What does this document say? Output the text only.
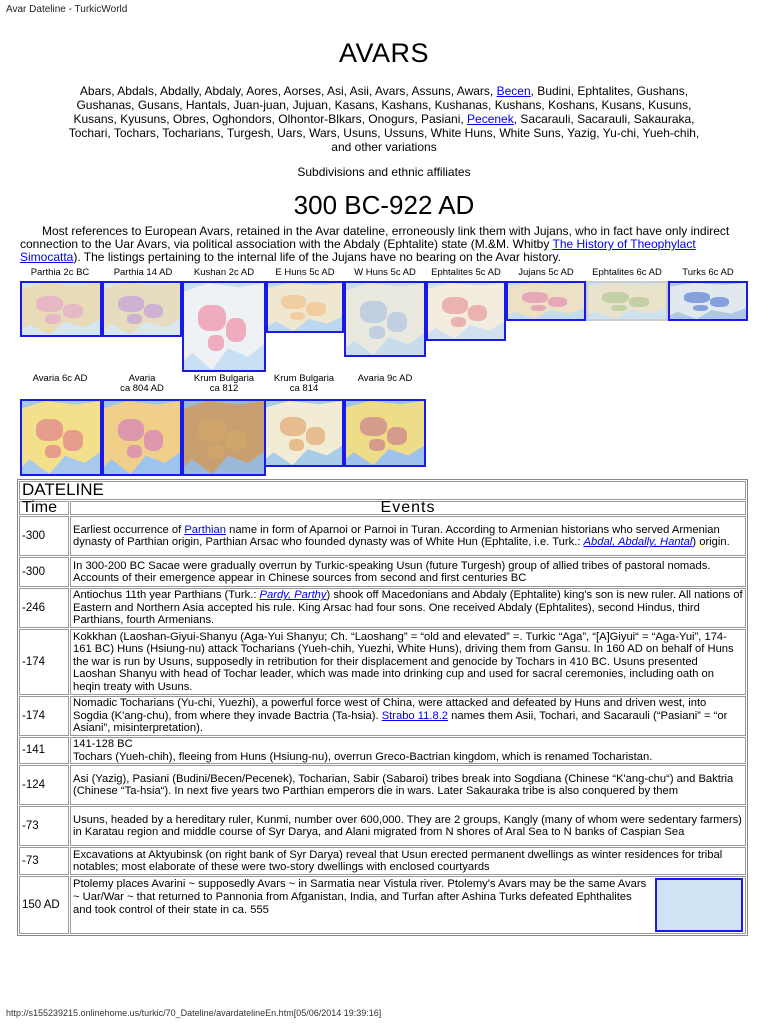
Avar Dateline - TurkicWorld
AVARS
Abars, Abdals, Abdally, Abdaly, Aores, Aorses, Asi, Asii, Avars, Assuns, Awars, Becen, Budini, Ephtalites, Gushans, Gushanas, Gusans, Hantals, Juan-juan, Jujuan, Kasans, Kashans, Kushanas, Kushans, Koshans, Kusans, Kusuns, Kusans, Kyusuns, Obres, Oghondors, Olhontor-Blkars, Onogurs, Pasiani, Pecenek, Sacarauli, Sacarauli, Sakauraka, Tochari, Tochars, Tocharians, Turgesh, Uars, Wars, Usuns, Ussuns, White Huns, White Suns, Yazig, Yu-chi, Yueh-chih, and other variations
Subdivisions and ethnic affiliates
300 BC-922 AD
Most references to European Avars, retained in the Avar dateline, erroneously link them with Jujans, who in fact have only indirect connection to the Uar Avars, via political association with the Abdaly (Ephtalite) state (M.&M. Whitby The History of Theophylact Simocatta). The listings pertaining to the internal life of the Jujans have no bearing on the Avar history.
Parthia 2c BC	Parthia 14 AD	Kushan 2c AD	E Huns 5c AD	W Huns 5c AD	Ephtalites 5c AD	Jujans 5c AD	Ephtalites 6c AD	Turks 6c AD
Avaria 6c AD	Avaria
ca 804 AD
Krum Bulgaria
ca 812
Krum Bulgaria
ca 814
Avaria 9c AD
DATELINE	
Time	Events
-300	Earliest occurrence of Parthian name in form of Aparnoi or Parnoi in Turan. According to Armenian historians who served Armenian dynasty of Parthian origin, Parthian Arsac who founded dynasty was of White Hun (Ephtalite, i.e. Turk.: Abdal, Abdally, Hantal) origin.
-300	In 300-200 BC Sacae were gradually overrun by Turkic-speaking Usun (future Turgesh) group of allied tribes of pastoral nomads. Accounts of their emergence appear in Chinese sources from second and first centuries BC
-246	Antiochus 11th year Parthians (Turk.: Pardy, Parthy) shook off Macedonians and Abdaly (Ephtalite) king's son is new ruler. All nations of Eastern and Northern Asia accepted his rule. King Arsac had four sons. One received Abdaly (Ephtalites), second Hindus, third Parthians, fourth Armenians.
-174	Kokkhan (Laoshan-Giyui-Shanyu (Aga-Yui Shanyu; Ch. “Laoshang” = “old and elevated” =. Turkic “Aga”, “[A]Giyui“ = “Aga-Yui”, 174-161 BC) Huns (Hsiung-nu) attack Tocharians (Yueh-chih, Yuezhi, White Huns), driving them from Gansu. In 160 AD on behalf of Huns the war is run by Usuns, supposedly in retribution for their displacement and genocide by Tochars in 410 BC. Usuns presented Laoshan Shanyu with head of Tochar leader, which was made into drinking cup and used for sacral ceremonies, including oath on heqin treaty with Usuns.
-174	Nomadic Tocharians (Yu-chi, Yuezhi), a powerful force west of China, were attacked and defeated by Huns and driven west, into Sogdia (K'ang-chu), from where they invade Bactria (Ta-hsia). Strabo 11.8.2 names them Asii, Tochari, and Sacarauli (“Pasiani” = “or Asiani”, misinterpretation).
-141	141-128 BC
Tochars (Yueh-chih), fleeing from Huns (Hsiung-nu), overrun Greco-Bactrian kingdom, which is renamed Tocharistan.
-124	Asi (Yazig), Pasiani (Budini/Becen/Pecenek), Tocharian, Sabir (Sabaroi) tribes break into Sogdiana (Chinese “K'ang-chu“) and Baktria (Chinese “Ta-hsia“). In next five years two Parthian emperors die in wars. Later Sakauraka tribe is also conquered by them
-73	Usuns, headed by a hereditary ruler, Kunmi, number over 600,000. They are 2 groups, Kangly (many of whom were sedentary farmers) in Karatau region and middle course of Syr Darya, and Alani migrated from N shores of Aral Sea to N banks of Caspian Sea
-73	Excavations at Aktyubinsk (on right bank of Syr Darya) reveal that Usun erected permanent dwellings as winter residences for tribal notables; most elaborate of these were two-story dwellings with enclosed courtyards
150 AD	Ptolemy places Avarini ~ supposedly Avars ~ in Sarmatia near Vistula river. Ptolemy's Avars may be the same Avars ~ Uar/War ~ that returned to Pannonia from Afganistan, India, and Turfan after Ashina Turks defeated Ephthalites and took control of their state in ca. 555
http://s155239215.onlinehome.us/turkic/70_Dateline/avardatelineEn.htm[05/06/2014 19:39:16]
